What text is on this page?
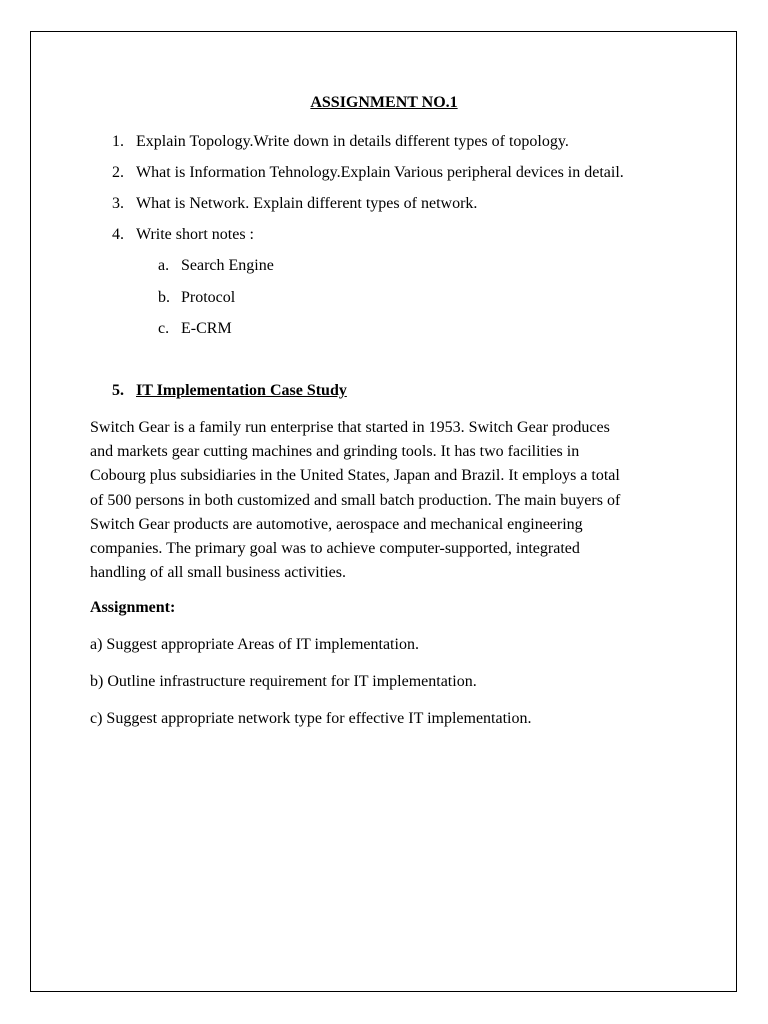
ASSIGNMENT NO.1
1. Explain Topology.Write down in details different types of topology.
2. What is Information Tehnology.Explain Various peripheral devices in detail.
3. What is Network. Explain different types of network.
4. Write short notes :
a. Search Engine
b. Protocol
c. E-CRM
5. IT Implementation Case Study
Switch Gear is a family run enterprise that started in 1953. Switch Gear produces
and markets gear cutting machines and grinding tools. It has two facilities in
Cobourg plus subsidiaries in the United States, Japan and Brazil. It employs a total
of 500 persons in both customized and small batch production. The main buyers of
Switch Gear products are automotive, aerospace and mechanical engineering
companies. The primary goal was to achieve computer-supported, integrated
handling of all small business activities.
Assignment:
a) Suggest appropriate Areas of IT implementation.
b) Outline infrastructure requirement for IT implementation.
c) Suggest appropriate network type for effective IT implementation.
